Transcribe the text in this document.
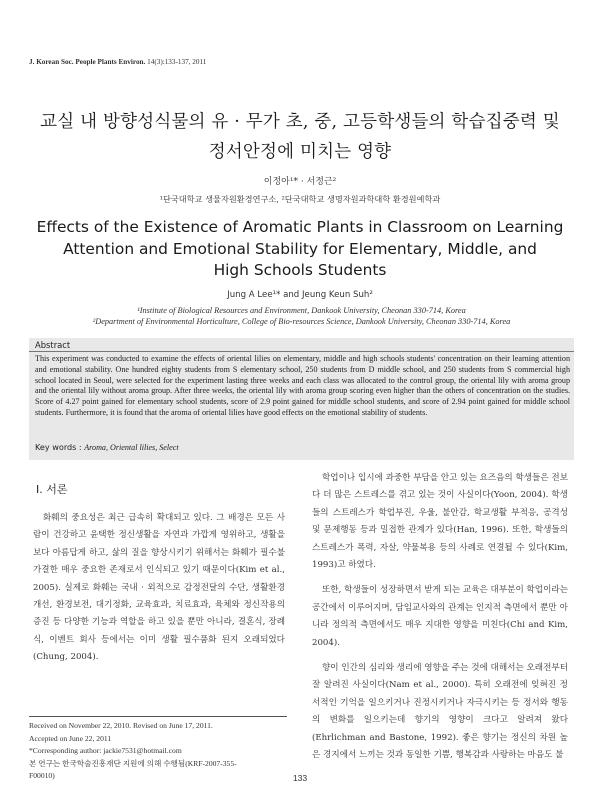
J. Korean Soc. People Plants Environ. 14(3):133-137, 2011
교실 내 방향성식물의 유 · 무가 초, 중, 고등학생들의 학습집중력 및
정서안정에 미치는 영향
이정아¹* · 서정근²
¹단국대학교 생물자원환경연구소, ²단국대학교 생명자원과학대학 환경원예학과
Effects of the Existence of Aromatic Plants in Classroom on Learning
Attention and Emotional Stability for Elementary, Middle, and
High Schools Students
Jung A Lee¹* and Jeung Keun Suh²
¹Institute of Biological Resources and Environment, Dankook University, Cheonan 330-714, Korea
²Department of Environmental Horticulture, College of Bio-resources Science, Dankook University, Cheonan 330-714, Korea
Abstract
This experiment was conducted to examine the effects of oriental lilies on elementary, middle and high schools students' concentration on their learning attention and emotional stability. One hundred eighty students from S elementary school, 250 students from D middle school, and 250 students from S commercial high school located in Seoul, were selected for the experiment lasting three weeks and each class was allocated to the control group, the oriental lily with aroma group and the oriental lily without aroma group. After three weeks, the oriental lily with aroma group scoring even higher than the others of concentration on the studies. Score of 4.27 point gained for elementary school students, score of 2.9 point gained for middle school students, and score of 2.94 point gained for middle school students. Furthermore, it is found that the aroma of oriental lilies have good effects on the emotional stability of students.
Key words : Aroma, Oriental lilies, Select
Ⅰ. 서론

화훼의 중요성은 최근 급속히 확대되고 있다. 그 배경은 모든 사람이 건강하고 윤택한 정신생활을 자연과 가깝게 영위하고, 생활을 보다 아름답게 하고, 삶의 질을 향상시키기 위해서는 화훼가 필수불가결한 매우 중요한 존재로서 인식되고 있기 때문이다(Kim et al., 2005). 실제로 화훼는 국내 · 외적으로 감정전달의 수단, 생활환경 개선, 환경보전, 대기정화, 교육효과, 치료효과, 육체와 정신작용의 증진 등 다양한 기능과 역할을 하고 있을 뿐만 아니라, 결혼식, 장례식, 이벤트 회사 등에서는 이미 생활 필수품화 된지 오래되었다(Chung, 2004).

학업이나 입시에 과중한 부담을 안고 있는 요즈음의 학생들은 전보다 더 많은 스트레스를 겪고 있는 것이 사실이다(Yoon, 2004). 학생들의 스트레스가 학업부진, 우울, 불안감, 학교생활 부적응, 공격성 및 문제행동 등과 밀접한 관계가 있다(Han, 1996). 또한, 학생들의 스트레스가 폭력, 자살, 약물복용 등의 사례로 연결될 수 있다(Kim, 1993)고 하였다.

또한, 학생들이 성장하면서 받게 되는 교육은 대부분이 학업이라는 공간에서 이루어지며, 담임교사와의 관계는 인지적 측면에서 뿐만 아니라 정의적 측면에서도 매우 지대한 영향을 미친다(Chi and Kim, 2004).

향이 인간의 심리와 생리에 영향을 주는 것에 대해서는 오래전부터 잘 알려진 사실이다(Nam et al., 2000). 특히 오래전에 잊혀진 정서적인 기억을 일으키거나 진정시키거나 자극시키는 등 정서와 행동의 변화를 일으키는데 향기의 영향이 크다고 알려져 왔다(Ehrlichman and Bastone, 1992). 좋은 향기는 정신의 차원 높은 경지에서 느끼는 것과 동일한 기쁨, 행복감과 사랑하는 마음도 불

Received on November 22, 2010. Revised on June 17, 2011.
Accepted on June 22, 2011
*Corresponding author: jackie7531@hotmail.com
본 연구는 한국학술진흥재단 지원에 의해 수행됨(KRF-2007-355-
F00010)	133
